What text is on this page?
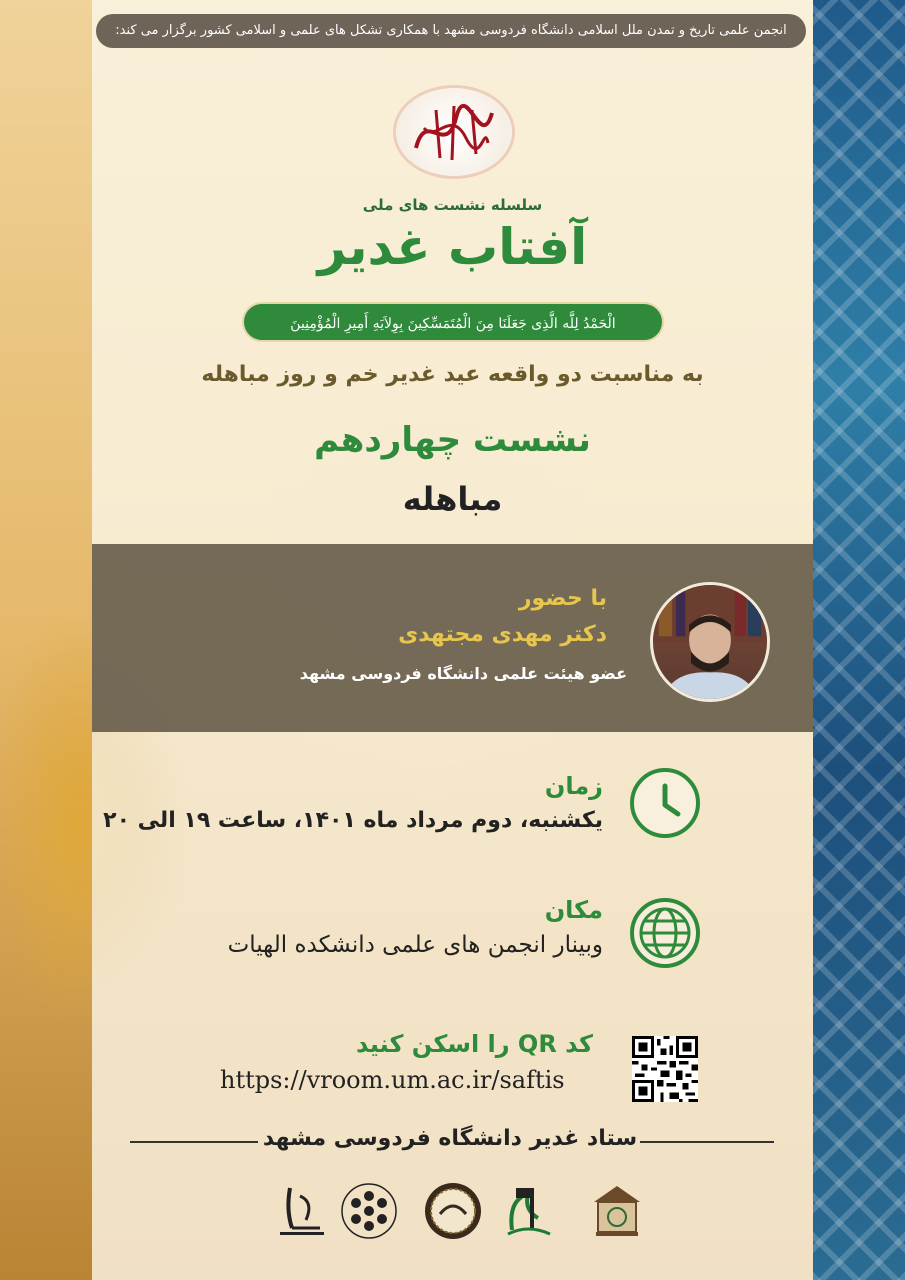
انجمن علمی تاریخ و تمدن ملل اسلامی دانشگاه فردوسی مشهد با همکاری تشکل های علمی و اسلامی کشور برگزار می کند:
سلسله نشست های ملی
آفتاب غدیر
الْحَمْدُ لِلَّه الَّذِی جَعَلَنَا مِنَ الْمُتَمَسِّکِینَ بِوِلاَیَهِ أَمِیرِ الْمُؤْمِنِینَ
به مناسبت دو واقعه عید غدیر خم و روز مباهله
نشست چهاردهم
مباهله
با حضور
دکتر مهدی مجتهدی
عضو هیئت علمی دانشگاه فردوسی مشهد
زمان
یکشنبه، دوم مرداد ماه ۱۴۰۱، ساعت ۱۹ الی ۲۰
مکان
وبینار انجمن های علمی دانشکده الهیات
کد QR را اسکن کنید
https://vroom.um.ac.ir/saftis
ستاد غدیر دانشگاه فردوسی مشهد
